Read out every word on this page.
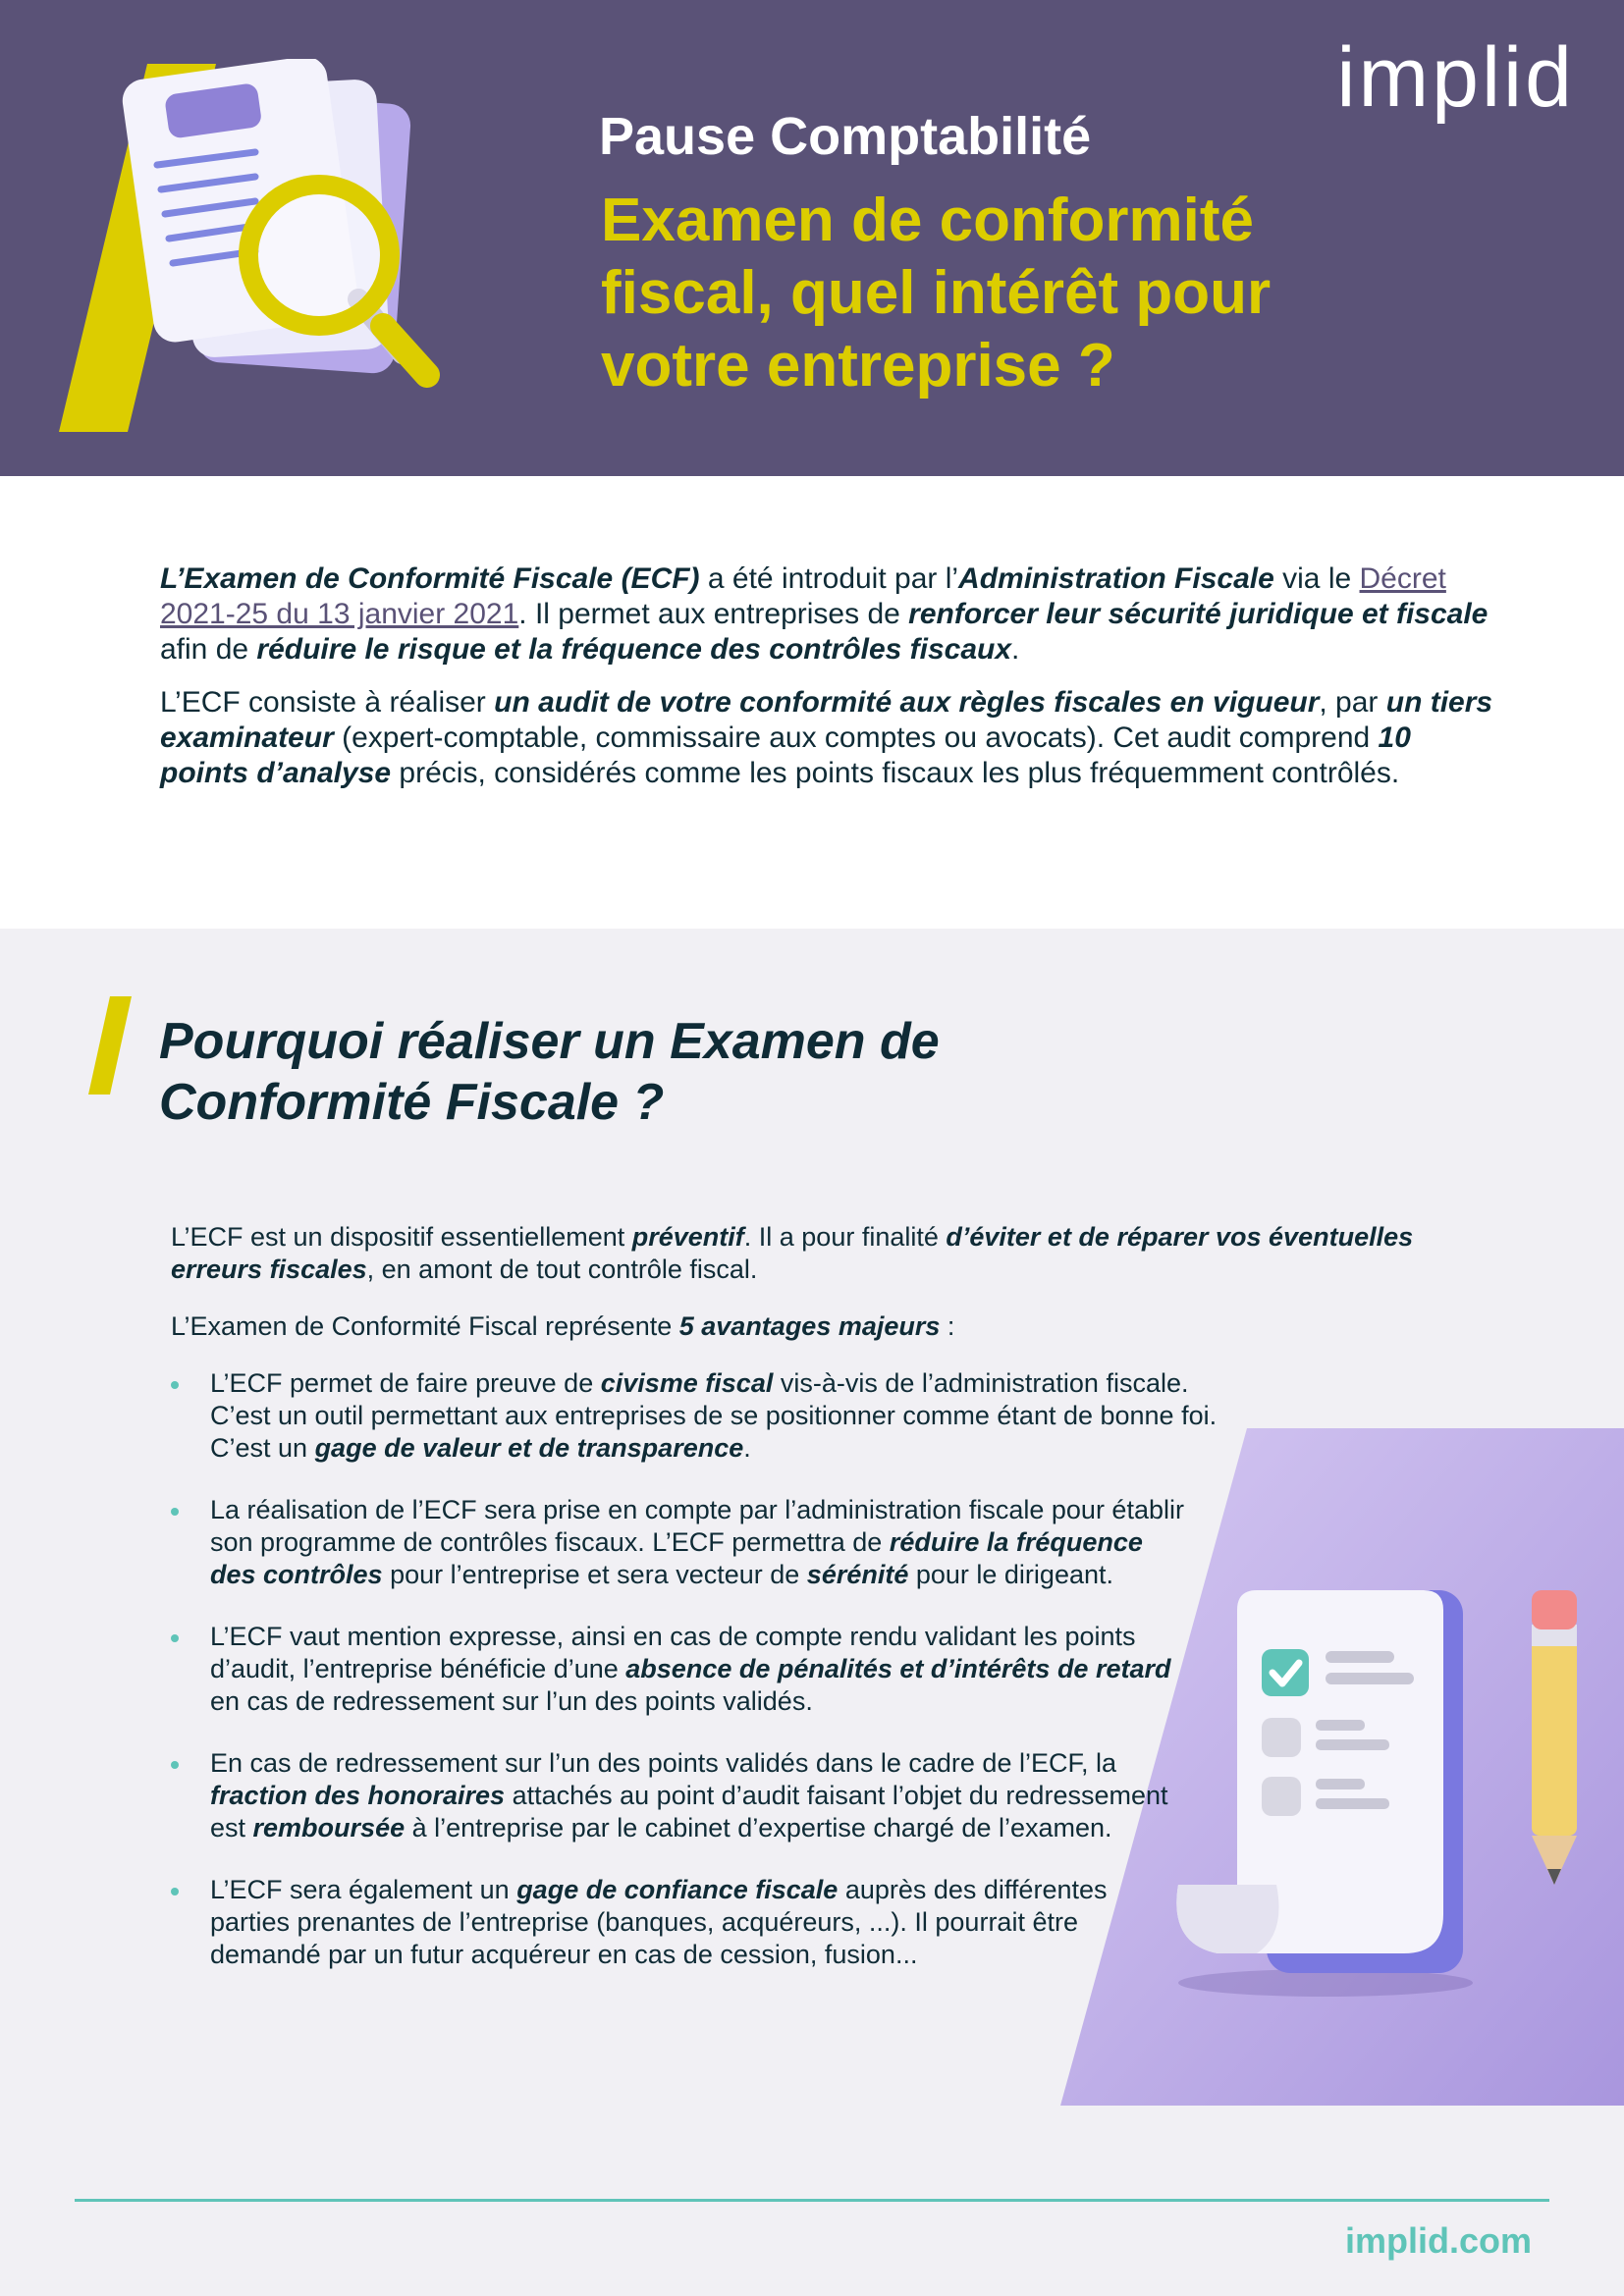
implid
Pause Comptabilité
Examen de conformité fiscal, quel intérêt pour votre entreprise ?

L’Examen de Conformité Fiscale (ECF) a été introduit par l’Administration Fiscale via le Décret 2021-25 du 13 janvier 2021. Il permet aux entreprises de renforcer leur sécurité juridique et fiscale afin de réduire le risque et la fréquence des contrôles fiscaux.

L’ECF consiste à réaliser un audit de votre conformité aux règles fiscales en vigueur, par un tiers examinateur (expert-comptable, commissaire aux comptes ou avocats). Cet audit comprend 10 points d’analyse précis, considérés comme les points fiscaux les plus fréquemment contrôlés.

Pourquoi réaliser un Examen de Conformité Fiscale ?

L’ECF est un dispositif essentiellement préventif. Il a pour finalité d’éviter et de réparer vos éventuelles erreurs fiscales, en amont de tout contrôle fiscal.

L’Examen de Conformité Fiscal représente 5 avantages majeurs :

L’ECF permet de faire preuve de civisme fiscal vis-à-vis de l’administration fiscale. C’est un outil permettant aux entreprises de se positionner comme étant de bonne foi. C’est un gage de valeur et de transparence.
La réalisation de l’ECF sera prise en compte par l’administration fiscale pour établir son programme de contrôles fiscaux. L’ECF permettra de réduire la fréquence des contrôles pour l’entreprise et sera vecteur de sérénité pour le dirigeant.
L’ECF vaut mention expresse, ainsi en cas de compte rendu validant les points d’audit, l’entreprise bénéficie d’une absence de pénalités et d’intérêts de retard en cas de redressement sur l’un des points validés.
En cas de redressement sur l’un des points validés dans le cadre de l’ECF, la fraction des honoraires attachés au point d’audit faisant l’objet du redressement est remboursée à l’entreprise par le cabinet d’expertise chargé de l’examen.
L’ECF sera également un gage de confiance fiscale auprès des différentes parties prenantes de l’entreprise (banques, acquéreurs, ...). Il pourrait être demandé par un futur acquéreur en cas de cession, fusion...
implid.com
